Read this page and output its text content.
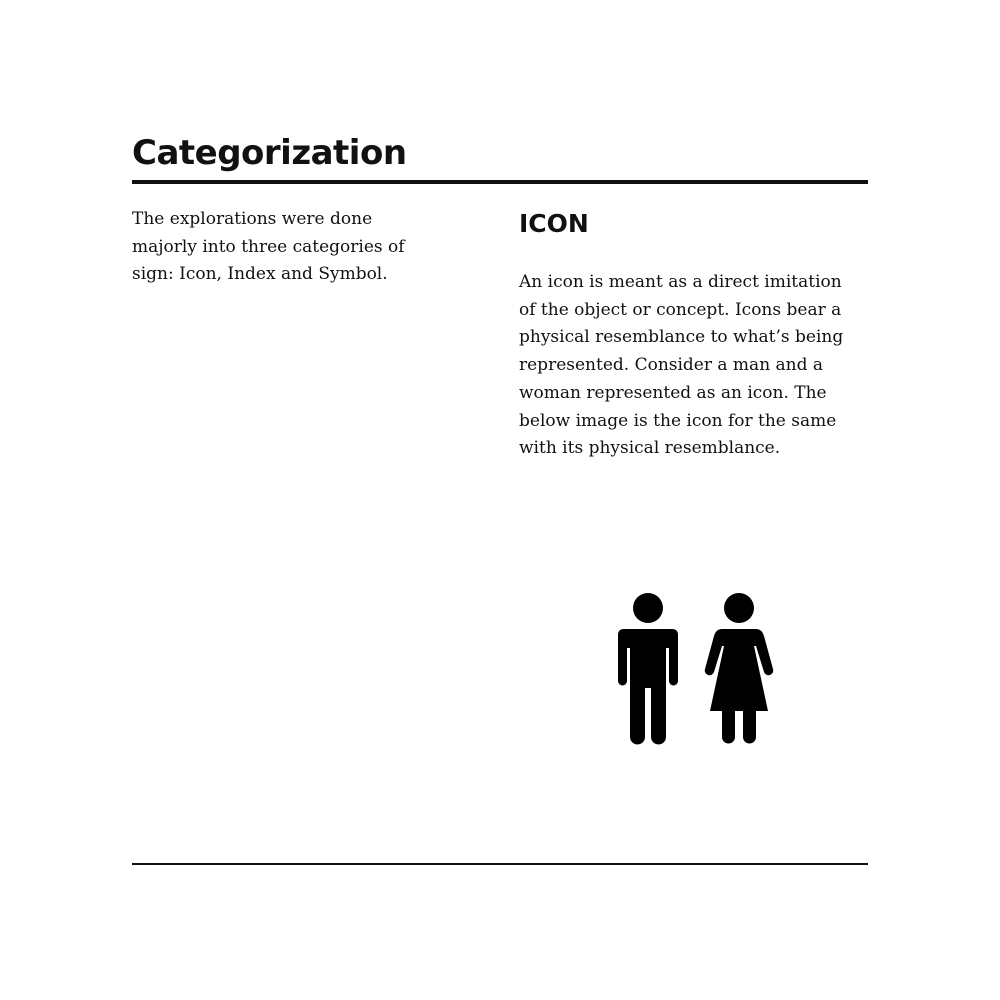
Categorization

The explorations were done majorly into three categories of sign: Icon, Index and Symbol.

ICON

An icon is meant as a direct imitation of the object or concept. Icons bear a physical resemblance to what’s being represented. Consider a man and a woman represented as an icon. The below image is the icon for the same with its physical resemblance.
